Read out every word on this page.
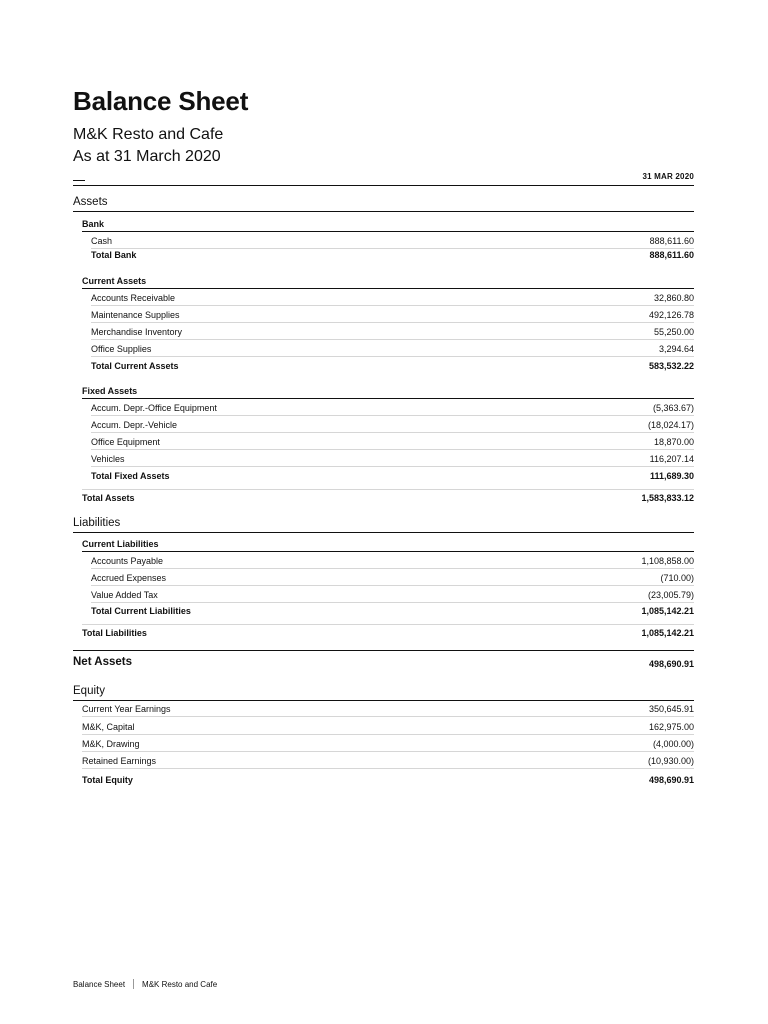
Balance Sheet
M&K Resto and Cafe
As at 31 March 2020
31 MAR 2020
Assets
Bank
Cash	888,611.60
Total Bank	888,611.60
Current Assets
Accounts Receivable	32,860.80
Maintenance Supplies	492,126.78
Merchandise Inventory	55,250.00
Office Supplies	3,294.64
Total Current Assets	583,532.22
Fixed Assets
Accum. Depr.-Office Equipment	(5,363.67)
Accum. Depr.-Vehicle	(18,024.17)
Office Equipment	18,870.00
Vehicles	116,207.14
Total Fixed Assets	111,689.30
Total Assets	1,583,833.12
Liabilities
Current Liabilities
Accounts Payable	1,108,858.00
Accrued Expenses	(710.00)
Value Added Tax	(23,005.79)
Total Current Liabilities	1,085,142.21
Total Liabilities	1,085,142.21
Net Assets	498,690.91
Equity
Current Year Earnings	350,645.91
M&K, Capital	162,975.00
M&K, Drawing	(4,000.00)
Retained Earnings	(10,930.00)
Total Equity	498,690.91
Balance Sheet M&K Resto and Cafe
